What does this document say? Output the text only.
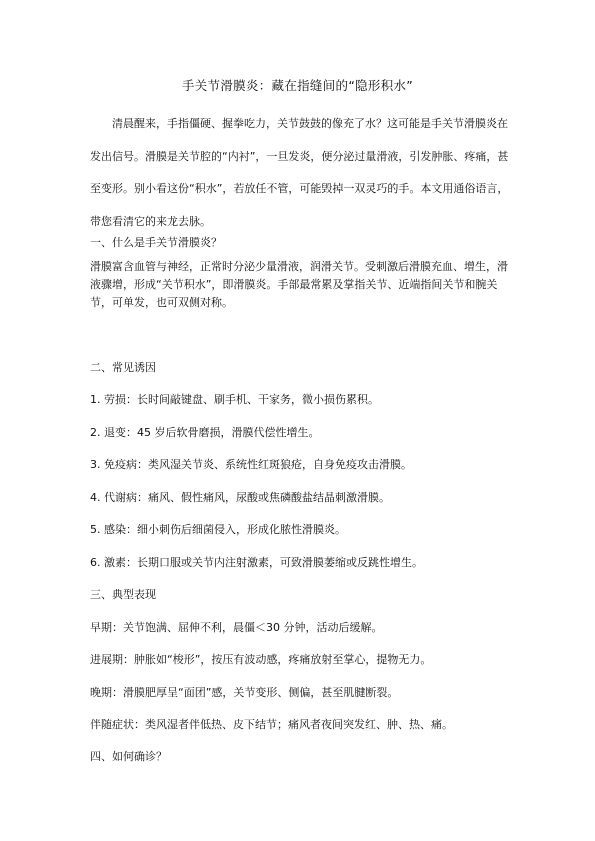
手关节滑膜炎：藏在指缝间的“隐形积水”

清晨醒来，手指僵硬、握拳吃力，关节鼓鼓的像充了水？这可能是手关节滑膜炎在发出信号。滑膜是关节腔的“内衬”，一旦发炎，便分泌过量滑液，引发肿胀、疼痛，甚至变形。别小看这份“积水”，若放任不管，可能毁掉一双灵巧的手。本文用通俗语言，带您看清它的来龙去脉。

一、什么是手关节滑膜炎？
滑膜富含血管与神经，正常时分泌少量滑液，润滑关节。受刺激后滑膜充血、增生，滑液骤增，形成“关节积水”，即滑膜炎。手部最常累及掌指关节、近端指间关节和腕关节，可单发，也可双侧对称。
二、常见诱因
1. 劳损：长时间敲键盘、刷手机、干家务，微小损伤累积。
2. 退变：45 岁后软骨磨损，滑膜代偿性增生。
3. 免疫病：类风湿关节炎、系统性红斑狼疮，自身免疫攻击滑膜。
4. 代谢病：痛风、假性痛风，尿酸或焦磷酸盐结晶刺激滑膜。
5. 感染：细小刺伤后细菌侵入，形成化脓性滑膜炎。
6. 激素：长期口服或关节内注射激素，可致滑膜萎缩或反跳性增生。
三、典型表现
早期：关节饱满、屈伸不利，晨僵＜30 分钟，活动后缓解。
进展期：肿胀如“梭形”，按压有波动感，疼痛放射至掌心，提物无力。
晚期：滑膜肥厚呈“面团”感，关节变形、侧偏，甚至肌腱断裂。
伴随症状：类风湿者伴低热、皮下结节；痛风者夜间突发红、肿、热、痛。
四、如何确诊？
